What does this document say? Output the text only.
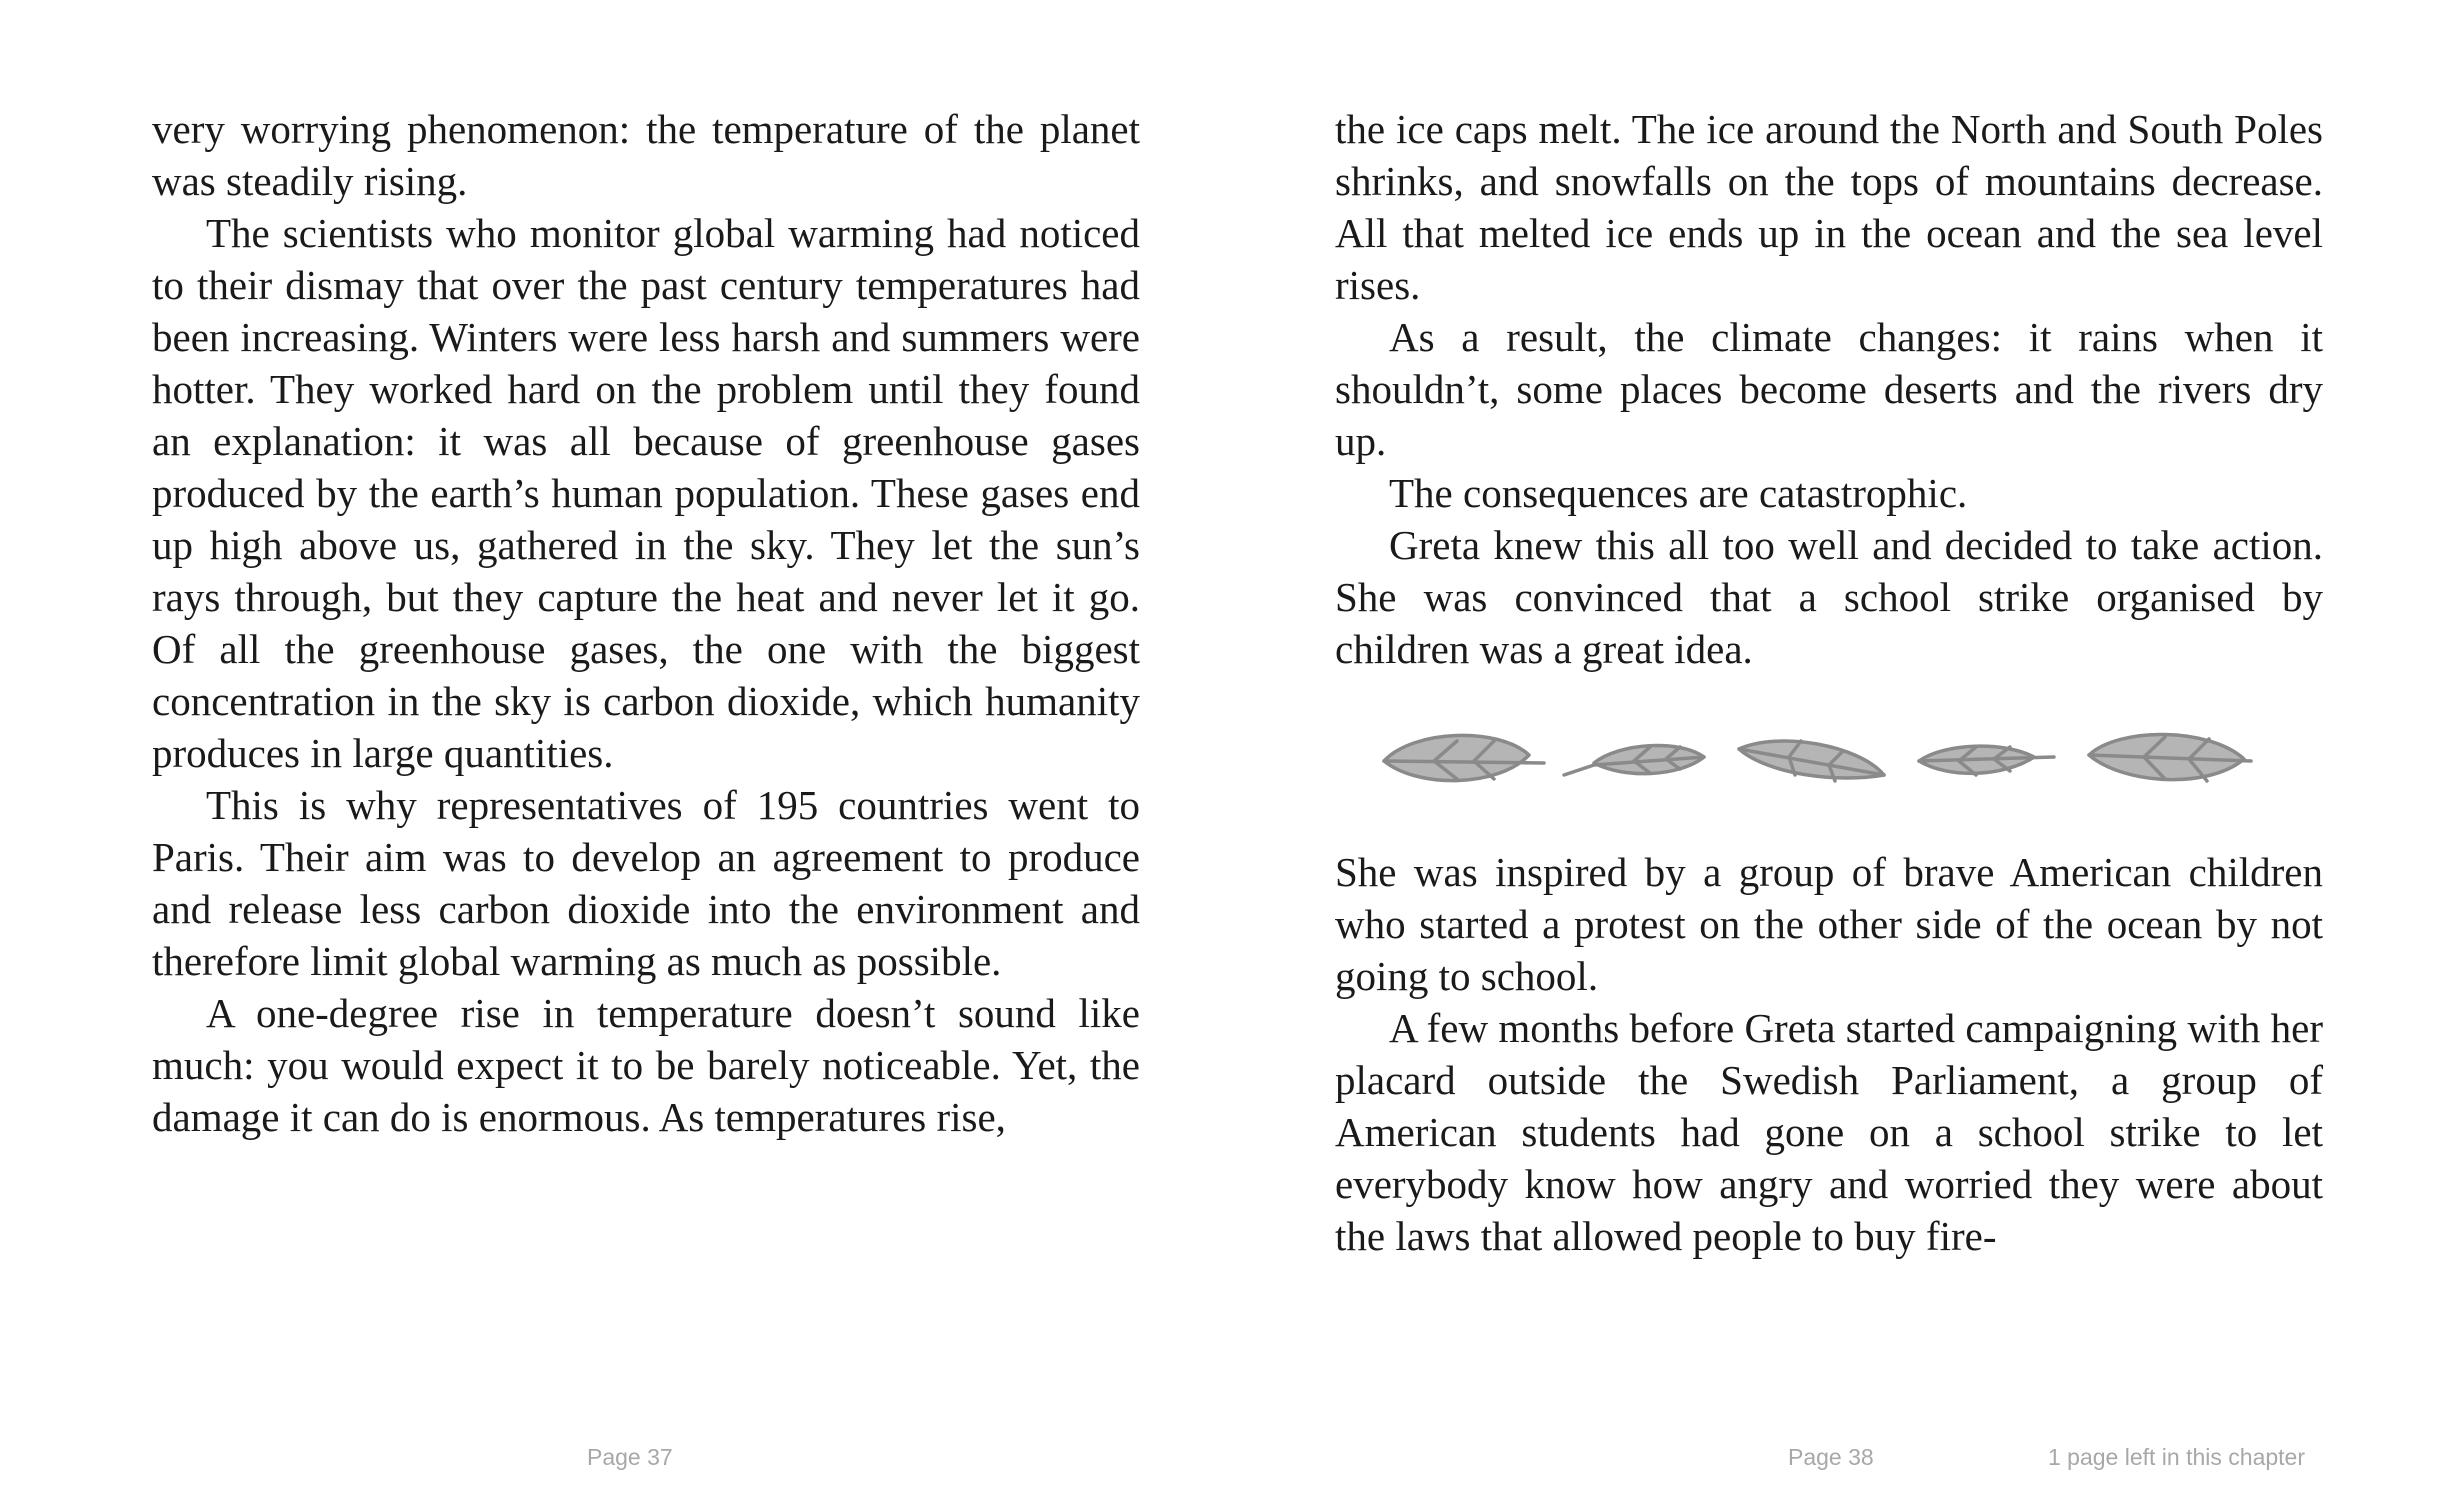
very worrying phenomenon: the temperature of the planet was steadily rising.

The scientists who monitor global warming had noticed to their dismay that over the past century temperatures had been increasing. Winters were less harsh and summers were hotter. They worked hard on the problem until they found an explanation: it was all because of greenhouse gases produced by the earth’s human population. These gases end up high above us, gathered in the sky. They let the sun’s rays through, but they capture the heat and never let it go. Of all the greenhouse gases, the one with the biggest concentration in the sky is carbon dioxide, which humanity produces in large quantities.

This is why representatives of 195 countries went to Paris. Their aim was to develop an agreement to produce and release less carbon dioxide into the environment and therefore limit global warming as much as possible.

A one-degree rise in temperature doesn’t sound like much: you would expect it to be barely noticeable. Yet, the damage it can do is enormous. As temperatures rise,

the ice caps melt. The ice around the North and South Poles shrinks, and snowfalls on the tops of mountains decrease. All that melted ice ends up in the ocean and the sea level rises.

As a result, the climate changes: it rains when it shouldn’t, some places become deserts and the rivers dry up.

The consequences are catastrophic.

Greta knew this all too well and decided to take action. She was convinced that a school strike organised by children was a great idea.

She was inspired by a group of brave American children who started a protest on the other side of the ocean by not going to school.

A few months before Greta started campaigning with her placard outside the Swedish Parliament, a group of American students had gone on a school strike to let everybody know how angry and worried they were about the laws that allowed people to buy fire-

Page 37	Page 38	1 page left in this chapter
